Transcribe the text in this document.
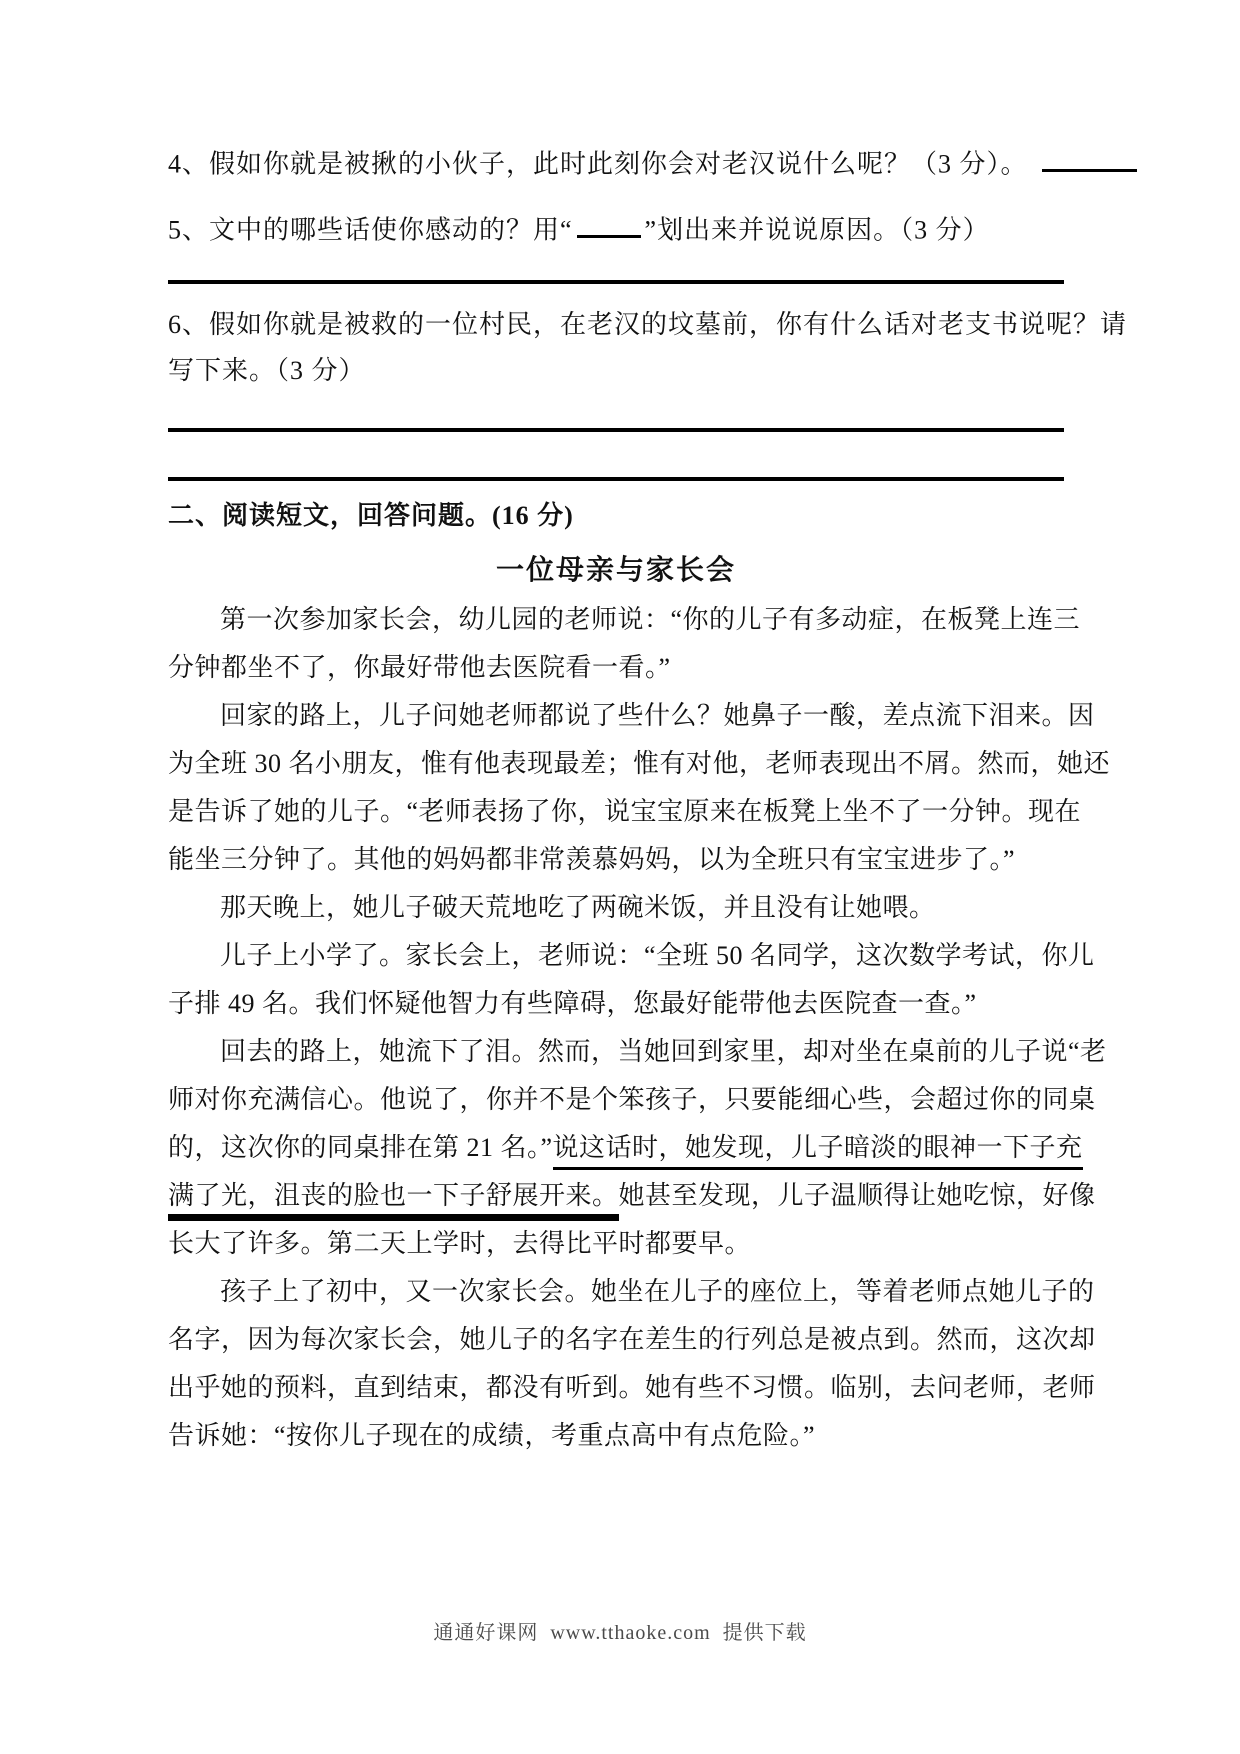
4、假如你就是被揪的小伙子，此时此刻你会对老汉说什么呢？（3 分）。
5、文中的哪些话使你感动的？用“	”划出来并说说原因。（3 分）
6、假如你就是被救的一位村民，在老汉的坟墓前，你有什么话对老支书说呢？请
写下来。（3 分）
二、阅读短文，回答问题。(16 分)
一位母亲与家长会
第一次参加家长会，幼儿园的老师说：“你的儿子有多动症，在板凳上连三
分钟都坐不了，你最好带他去医院看一看。”
回家的路上，儿子问她老师都说了些什么？她鼻子一酸，差点流下泪来。因
为全班 30 名小朋友，惟有他表现最差；惟有对他，老师表现出不屑。然而，她还
是告诉了她的儿子。“老师表扬了你，说宝宝原来在板凳上坐不了一分钟。现在
能坐三分钟了。其他的妈妈都非常羡慕妈妈，以为全班只有宝宝进步了。”
那天晚上，她儿子破天荒地吃了两碗米饭，并且没有让她喂。
儿子上小学了。家长会上，老师说：“全班 50 名同学，这次数学考试，你儿
子排 49 名。我们怀疑他智力有些障碍，您最好能带他去医院查一查。”
回去的路上，她流下了泪。然而，当她回到家里，却对坐在桌前的儿子说“老
师对你充满信心。他说了，你并不是个笨孩子，只要能细心些，会超过你的同桌
的，这次你的同桌排在第 21 名。”说这话时，她发现，儿子暗淡的眼神一下子充
满了光，沮丧的脸也一下子舒展开来。她甚至发现，儿子温顺得让她吃惊，好像
长大了许多。第二天上学时，去得比平时都要早。
孩子上了初中，又一次家长会。她坐在儿子的座位上，等着老师点她儿子的
名字，因为每次家长会，她儿子的名字在差生的行列总是被点到。然而，这次却
出乎她的预料，直到结束，都没有听到。她有些不习惯。临别，去问老师，老师
告诉她：“按你儿子现在的成绩，考重点高中有点危险。”
通通好课网  www.tthaoke.com  提供下载
